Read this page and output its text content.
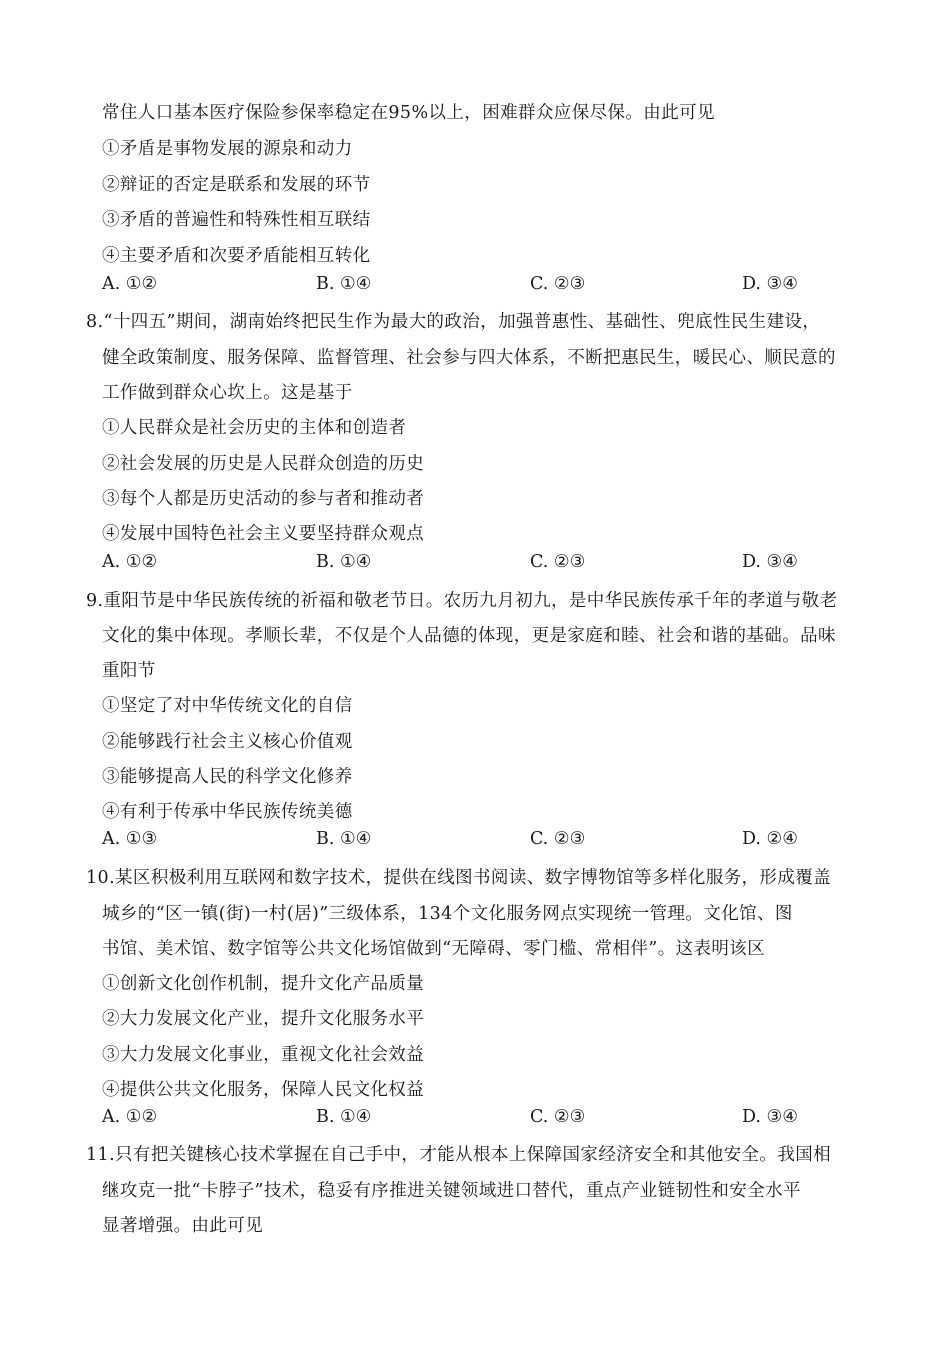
常住人口基本医疗保险参保率稳定在95%以上，困难群众应保尽保。由此可见
①矛盾是事物发展的源泉和动力
②辩证的否定是联系和发展的环节
③矛盾的普遍性和特殊性相互联结
④主要矛盾和次要矛盾能相互转化
A. ①②	B. ①④	C. ②③	D. ③④
8.“十四五”期间，湖南始终把民生作为最大的政治，加强普惠性、基础性、兜底性民生建设，
健全政策制度、服务保障、监督管理、社会参与四大体系，不断把惠民生，暖民心、顺民意的
工作做到群众心坎上。这是基于
①人民群众是社会历史的主体和创造者
②社会发展的历史是人民群众创造的历史
③每个人都是历史活动的参与者和推动者
④发展中国特色社会主义要坚持群众观点
A. ①②	B. ①④	C. ②③	D. ③④
9.重阳节是中华民族传统的祈福和敬老节日。农历九月初九，是中华民族传承千年的孝道与敬老
文化的集中体现。孝顺长辈，不仅是个人品德的体现，更是家庭和睦、社会和谐的基础。品味
重阳节
①坚定了对中华传统文化的自信
②能够践行社会主义核心价值观
③能够提高人民的科学文化修养
④有利于传承中华民族传统美德
A. ①③	B. ①④	C. ②③	D. ②④
10.某区积极利用互联网和数字技术，提供在线图书阅读、数字博物馆等多样化服务，形成覆盖
城乡的“区一镇(街)一村(居)”三级体系，134个文化服务网点实现统一管理。文化馆、图
书馆、美术馆、数字馆等公共文化场馆做到“无障碍、零门槛、常相伴”。这表明该区
①创新文化创作机制，提升文化产品质量
②大力发展文化产业，提升文化服务水平
③大力发展文化事业，重视文化社会效益
④提供公共文化服务，保障人民文化权益
A. ①②	B. ①④	C. ②③	D. ③④
11.只有把关键核心技术掌握在自己手中，才能从根本上保障国家经济安全和其他安全。我国相
继攻克一批“卡脖子”技术，稳妥有序推进关键领域进口替代，重点产业链韧性和安全水平
显著增强。由此可见
